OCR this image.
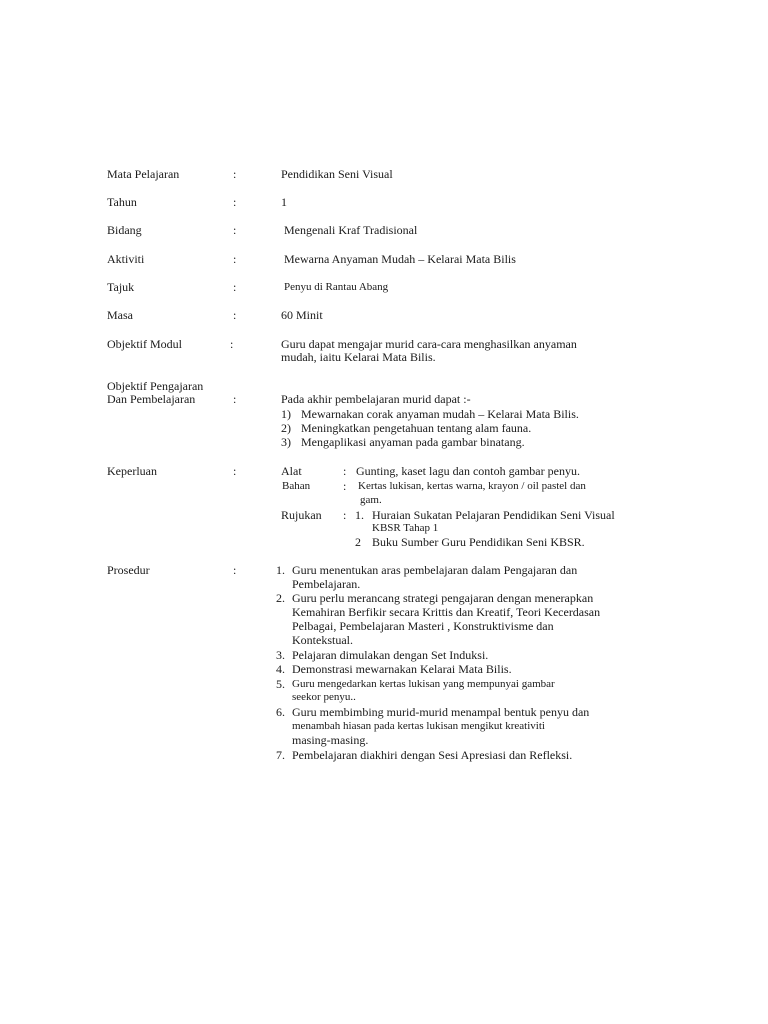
Mata Pelajaran	:	Pendidikan Seni Visual
Tahun	:	1
Bidang	:	Mengenali Kraf Tradisional
Aktiviti	:	Mewarna Anyaman Mudah – Kelarai Mata Bilis
Tajuk	:	Penyu di Rantau Abang
Masa	:	60 Minit
Objektif Modul	:	Guru dapat mengajar murid cara-cara menghasilkan anyaman
mudah, iaitu Kelarai Mata Bilis.
Objektif Pengajaran
Dan Pembelajaran	:	Pada akhir pembelajaran murid dapat :-
1) Mewarnakan corak anyaman mudah – Kelarai Mata Bilis.
2) Meningkatkan pengetahuan tentang alam fauna.
3) Mengaplikasi anyaman pada gambar binatang.
Keperluan	:	Alat	: Gunting, kaset lagu dan contoh gambar penyu.
Bahan	: Kertas lukisan, kertas warna, krayon / oil pastel dan
gam.
Rujukan : 1. Huraian Sukatan Pelajaran Pendidikan Seni Visual
KBSR Tahap 1
2 Buku Sumber Guru Pendidikan Seni KBSR.
Prosedur	:	1. Guru menentukan aras pembelajaran dalam Pengajaran dan
Pembelajaran.
2. Guru perlu merancang strategi pengajaran dengan menerapkan
Kemahiran Berfikir secara Krittis dan Kreatif, Teori Kecerdasan
Pelbagai, Pembelajaran Masteri , Konstruktivisme dan
Kontekstual.
3. Pelajaran dimulakan dengan Set Induksi.
4. Demonstrasi mewarnakan Kelarai Mata Bilis.
5. Guru mengedarkan kertas lukisan yang mempunyai gambar
seekor penyu..
6. Guru membimbing murid-murid menampal bentuk penyu dan
menambah hiasan pada kertas lukisan mengikut kreativiti
masing-masing.
7. Pembelajaran diakhiri dengan Sesi Apresiasi dan Refleksi.
